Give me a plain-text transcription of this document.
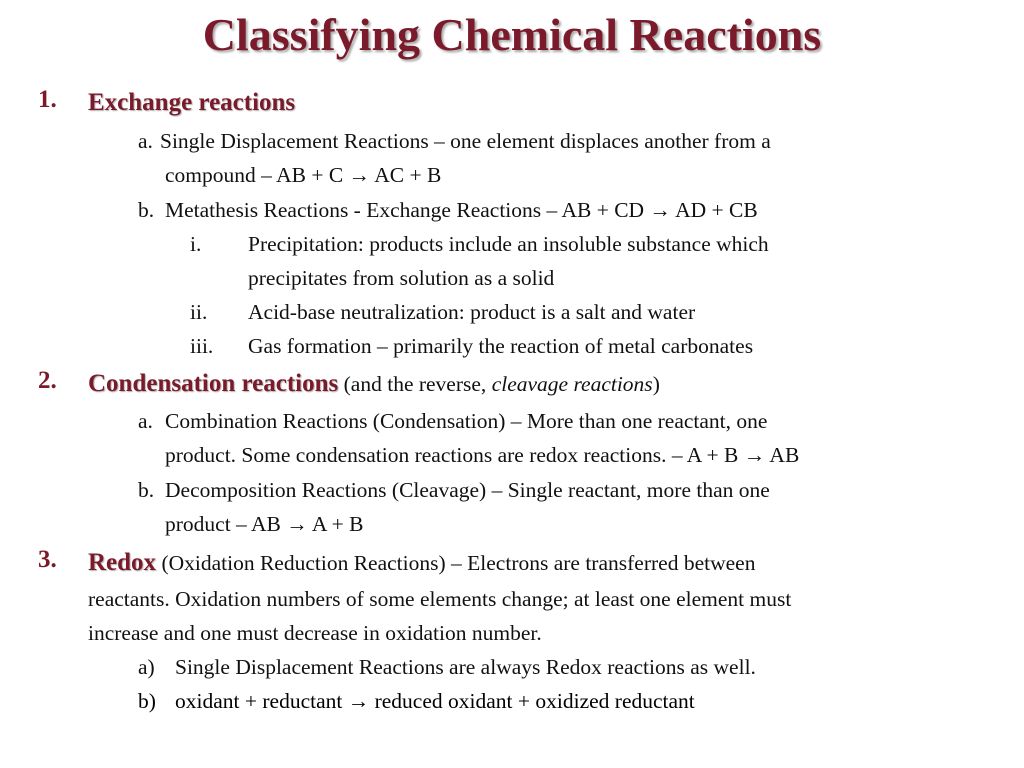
Classifying Chemical Reactions
1. Exchange reactions
a. Single Displacement Reactions – one element displaces another from a
compound – AB + C → AC + B
b. Metathesis Reactions - Exchange Reactions – AB + CD → AD + CB
i. Precipitation: products include an insoluble substance which
precipitates from solution as a solid
ii. Acid-base neutralization: product is a salt and water
iii. Gas formation – primarily the reaction of metal carbonates
2. Condensation reactions (and the reverse, cleavage reactions)
a. Combination Reactions (Condensation) – More than one reactant, one
product. Some condensation reactions are redox reactions. – A + B → AB
b. Decomposition Reactions (Cleavage) – Single reactant, more than one
product – AB → A + B
3. Redox (Oxidation Reduction Reactions) – Electrons are transferred between
reactants. Oxidation numbers of some elements change; at least one element must
increase and one must decrease in oxidation number.
a) Single Displacement Reactions are always Redox reactions as well.
b) oxidant + reductant → reduced oxidant + oxidized reductant
